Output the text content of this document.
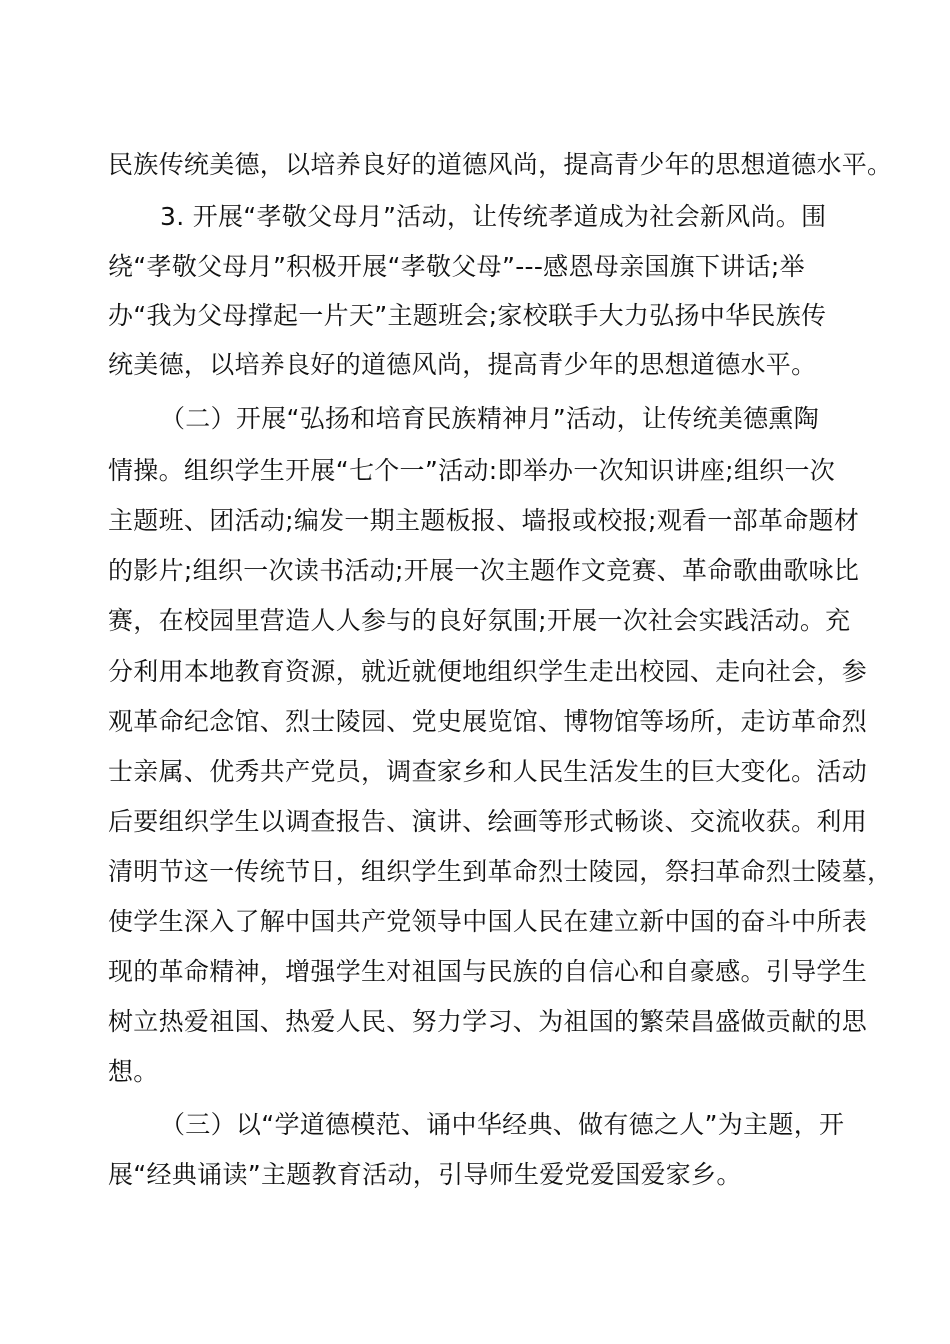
民族传统美德，以培养良好的道德风尚，提高青少年的思想道德水平。
3. 开展“孝敬父母月”活动，让传统孝道成为社会新风尚。围
绕“孝敬父母月”积极开展“孝敬父母”---感恩母亲国旗下讲话;举
办“我为父母撑起一片天”主题班会;家校联手大力弘扬中华民族传
统美德，以培养良好的道德风尚，提高青少年的思想道德水平。
（二）开展“弘扬和培育民族精神月”活动，让传统美德熏陶
情操。组织学生开展“七个一”活动:即举办一次知识讲座;组织一次
主题班、团活动;编发一期主题板报、墙报或校报;观看一部革命题材
的影片;组织一次读书活动;开展一次主题作文竞赛、革命歌曲歌咏比
赛，在校园里营造人人参与的良好氛围;开展一次社会实践活动。充
分利用本地教育资源，就近就便地组织学生走出校园、走向社会，参
观革命纪念馆、烈士陵园、党史展览馆、博物馆等场所，走访革命烈
士亲属、优秀共产党员，调查家乡和人民生活发生的巨大变化。活动
后要组织学生以调查报告、演讲、绘画等形式畅谈、交流收获。利用
清明节这一传统节日，组织学生到革命烈士陵园，祭扫革命烈士陵墓，
使学生深入了解中国共产党领导中国人民在建立新中国的奋斗中所表
现的革命精神，增强学生对祖国与民族的自信心和自豪感。引导学生
树立热爱祖国、热爱人民、努力学习、为祖国的繁荣昌盛做贡献的思
想。
（三）以“学道德模范、诵中华经典、做有德之人”为主题，开
展“经典诵读”主题教育活动，引导师生爱党爱国爱家乡。
